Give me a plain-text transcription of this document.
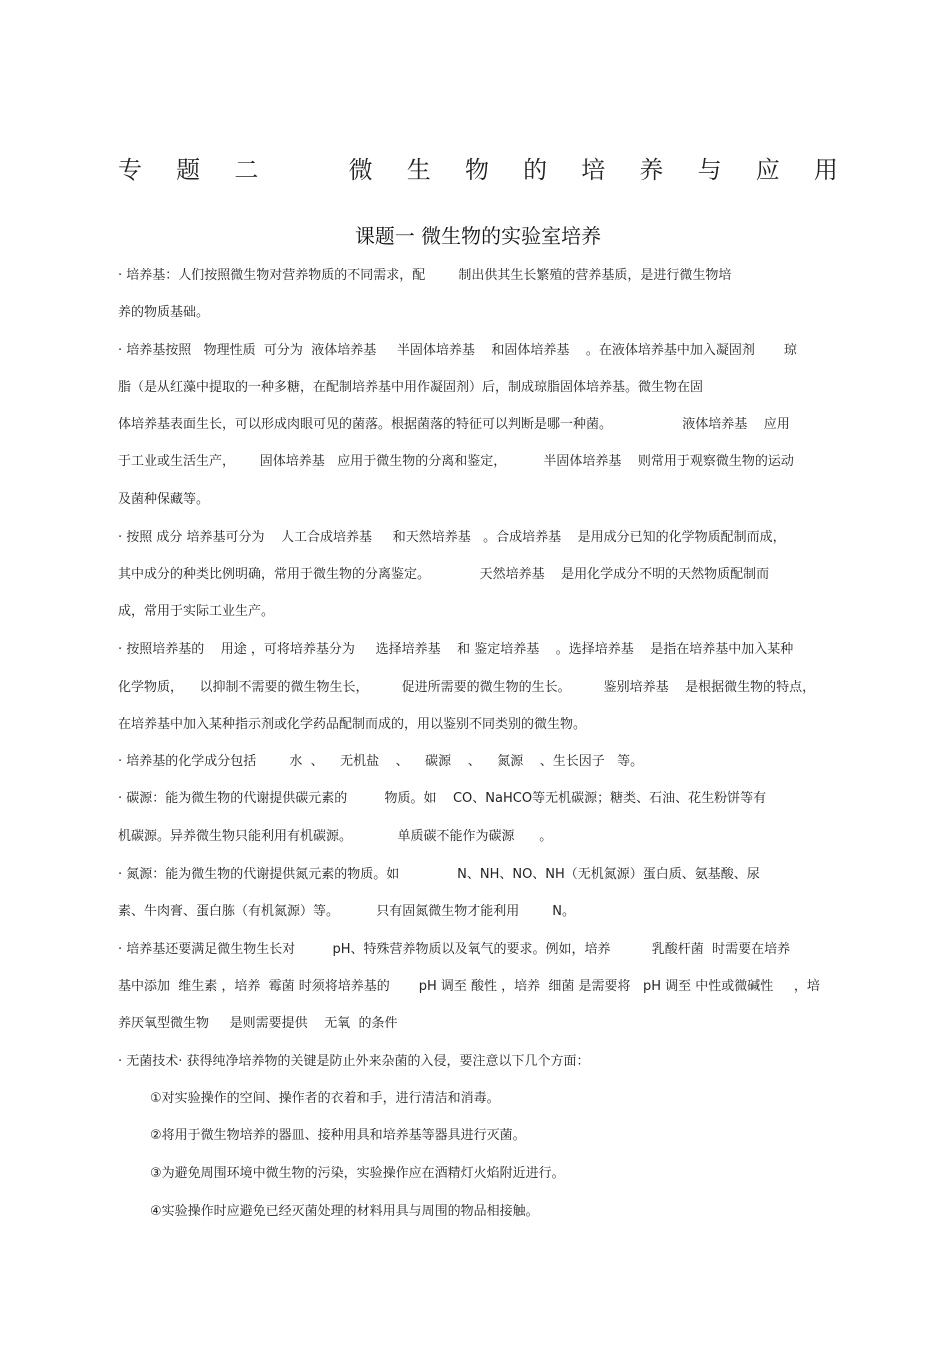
专 题 二	微 生 物 的 培 养 与 应 用
课题一 微生物的实验室培养
· 培养基：人们按照微生物对营养物质的不同需求，配        制出供其生长繁殖的营养基质，是进行微生物培
养的物质基础。
· 培养基按照   物理性质  可分为  液体培养基     半固体培养基    和固体培养基    。在液体培养基中加入凝固剂       琼
脂（是从红藻中提取的一种多糖，在配制培养基中用作凝固剂）后，制成琼脂固体培养基。微生物在固
体培养基表面生长，可以形成肉眼可见的菌落。根据菌落的特征可以判断是哪一种菌。                 液体培养基    应用
于工业或生活生产，      固体培养基   应用于微生物的分离和鉴定，         半固体培养基    则常用于观察微生物的运动
及菌种保藏等。
· 按照 成分 培养基可分为    人工合成培养基     和天然培养基   。合成培养基    是用成分已知的化学物质配制而成，
其中成分的种类比例明确，常用于微生物的分离鉴定。            天然培养基    是用化学成分不明的天然物质配制而
成，常用于实际工业生产。
· 按照培养基的    用途 ，可将培养基分为     选择培养基    和 鉴定培养基    。选择培养基    是指在培养基中加入某种
化学物质，    以抑制不需要的微生物生长，        促进所需要的微生物的生长。        鉴别培养基    是根据微生物的特点，
在培养基中加入某种指示剂或化学药品配制而成的，用以鉴别不同类别的微生物。
· 培养基的化学成分包括        水  、    无机盐    、    碳源    、    氮源    、生长因子   等。
· 碳源：能为微生物的代谢提供碳元素的         物质。如    CO、NaHCO等无机碳源；糖类、石油、花生粉饼等有
机碳源。异养微生物只能利用有机碳源。           单质碳不能作为碳源      。
· 氮源：能为微生物的代谢提供氮元素的物质。如              N、NH、NO、NH（无机氮源）蛋白质、氨基酸、尿
素、牛肉膏、蛋白胨（有机氮源）等。         只有固氮微生物才能利用        N。
· 培养基还要满足微生物生长对         pH、特殊营养物质以及氧气的要求。例如，培养          乳酸杆菌  时需要在培养
基中添加  维生素 ，培养  霉菌 时须将培养基的       pH 调至 酸性 ，培养  细菌 是需要将   pH 调至 中性或微碱性     ，培
养厌氧型微生物     是则需要提供    无氧  的条件
· 无菌技术· 获得纯净培养物的关键是防止外来杂菌的入侵，要注意以下几个方面：
①对实验操作的空间、操作者的衣着和手，进行清洁和消毒。
②将用于微生物培养的器皿、接种用具和培养基等器具进行灭菌。
③为避免周围环境中微生物的污染，实验操作应在酒精灯火焰附近进行。
④实验操作时应避免已经灭菌处理的材料用具与周围的物品相接触。
